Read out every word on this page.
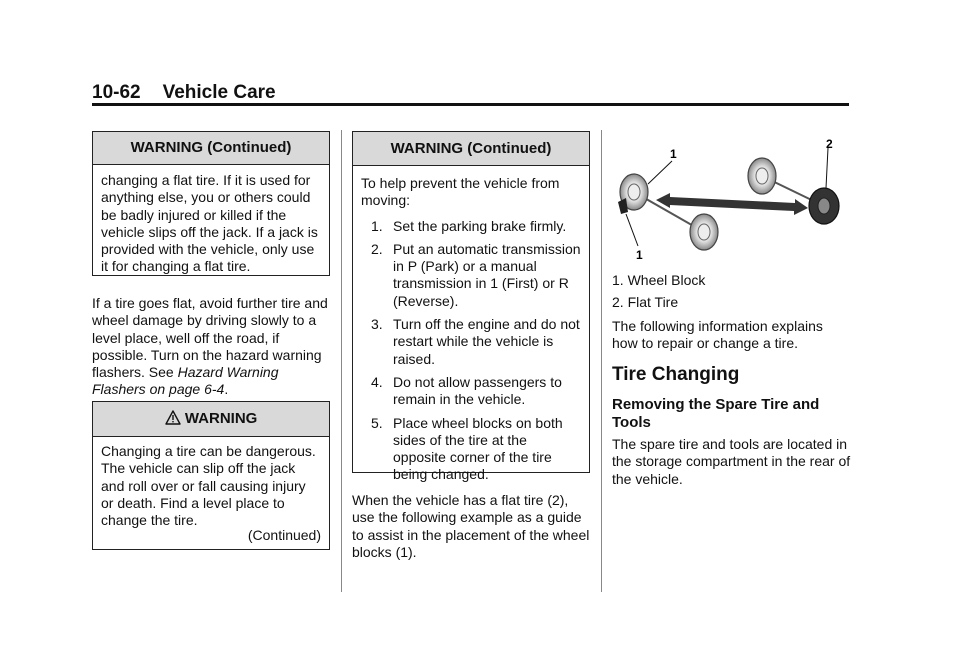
10-62 Vehicle Care
WARNING (Continued)
changing a flat tire. If it is used for anything else, you or others could be badly injured or killed if the vehicle slips off the jack. If a jack is provided with the vehicle, only use it for changing a flat tire.
If a tire goes flat, avoid further tire and wheel damage by driving slowly to a level place, well off the road, if possible. Turn on the hazard warning flashers. See Hazard Warning Flashers on page 6‑4.
WARNING
Changing a tire can be dangerous. The vehicle can slip off the jack and roll over or fall causing injury or death. Find a level place to change the tire.
(Continued)
WARNING (Continued)
To help prevent the vehicle from moving:
1. Set the parking brake firmly.
2. Put an automatic transmission in P (Park) or a manual transmission in 1 (First) or R (Reverse).
3. Turn off the engine and do not restart while the vehicle is raised.
4. Do not allow passengers to remain in the vehicle.
5. Place wheel blocks on both sides of the tire at the opposite corner of the tire being changed.
When the vehicle has a flat tire (2), use the following example as a guide to assist in the placement of the wheel blocks (1).
1
2
1
1. Wheel Block
2. Flat Tire
The following information explains how to repair or change a tire.
Tire Changing
Removing the Spare Tire and Tools
The spare tire and tools are located in the storage compartment in the rear of the vehicle.
